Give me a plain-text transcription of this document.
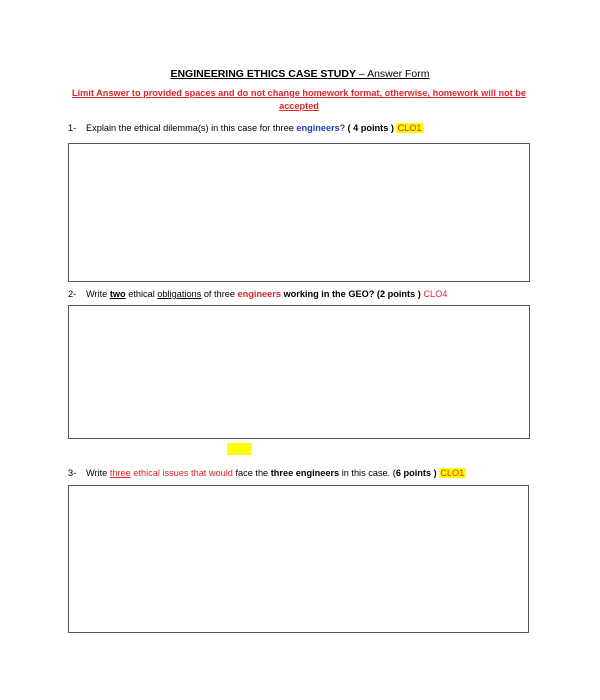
ENGINEERING ETHICS CASE STUDY – Answer Form
Limit Answer to provided spaces and do not change homework format, otherwise, homework will not be accepted
1- Explain the ethical dilemma(s) in this case for three engineers? ( 4 points ) CLO1
2- Write two ethical obligations of three engineers working in the GEO? (2 points ) CLO4
3- Write three ethical issues that would face the three engineers in this case. (6 points ) CLO1
